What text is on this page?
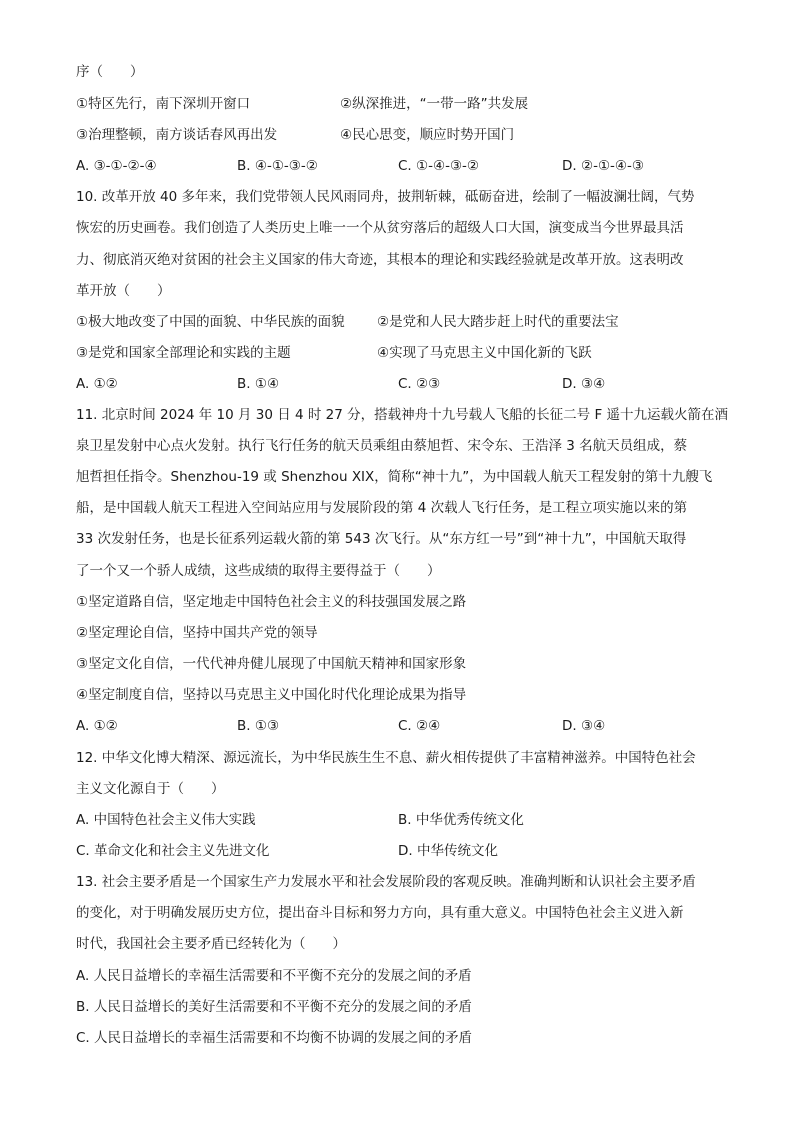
序（　　）
①特区先行，南下深圳开窗口	②纵深推进，“一带一路”共发展
③治理整顿，南方谈话春风再出发	④民心思变，顺应时势开国门
A. ③-①-②-④	B. ④-①-③-②	C. ①-④-③-②	D. ②-①-④-③
10. 改革开放 40 多年来，我们党带领人民风雨同舟，披荆斩棘，砥砺奋进，绘制了一幅波澜壮阔，气势
恢宏的历史画卷。我们创造了人类历史上唯一一个从贫穷落后的超级人口大国，演变成当今世界最具活
力、彻底消灭绝对贫困的社会主义国家的伟大奇迹，其根本的理论和实践经验就是改革开放。这表明改
革开放（　　）
①极大地改变了中国的面貌、中华民族的面貌 ②是党和人民大踏步赶上时代的重要法宝
③是党和国家全部理论和实践的主题	④实现了马克思主义中国化新的飞跃
A. ①②	B. ①④	C. ②③	D. ③④
11. 北京时间 2024 年 10 月 30 日 4 时 27 分，搭载神舟十九号载人飞船的长征二号 F 遥十九运载火箭在酒
泉卫星发射中心点火发射。执行飞行任务的航天员乘组由蔡旭哲、宋令东、王浩泽 3 名航天员组成，蔡
旭哲担任指令。Shenzhou-19 或 Shenzhou XIX，简称“神十九”，为中国载人航天工程发射的第十九艘飞
船，是中国载人航天工程进入空间站应用与发展阶段的第 4 次载人飞行任务，是工程立项实施以来的第
33 次发射任务，也是长征系列运载火箭的第 543 次飞行。从“东方红一号”到“神十九”，中国航天取得
了一个又一个骄人成绩，这些成绩的取得主要得益于（　　）
①坚定道路自信，坚定地走中国特色社会主义的科技强国发展之路
②坚定理论自信，坚持中国共产党的领导
③坚定文化自信，一代代神舟健儿展现了中国航天精神和国家形象
④坚定制度自信，坚持以马克思主义中国化时代化理论成果为指导
A. ①②	B. ①③	C. ②④	D. ③④
12. 中华文化博大精深、源远流长，为中华民族生生不息、薪火相传提供了丰富精神滋养。中国特色社会
主义文化源自于（　　）
A. 中国特色社会主义伟大实践	B. 中华优秀传统文化
C. 革命文化和社会主义先进文化	D. 中华传统文化
13. 社会主要矛盾是一个国家生产力发展水平和社会发展阶段的客观反映。准确判断和认识社会主要矛盾
的变化，对于明确发展历史方位，提出奋斗目标和努力方向，具有重大意义。中国特色社会主义进入新
时代，我国社会主要矛盾已经转化为（　　）
A. 人民日益增长的幸福生活需要和不平衡不充分的发展之间的矛盾
B. 人民日益增长的美好生活需要和不平衡不充分的发展之间的矛盾
C. 人民日益增长的幸福生活需要和不均衡不协调的发展之间的矛盾
